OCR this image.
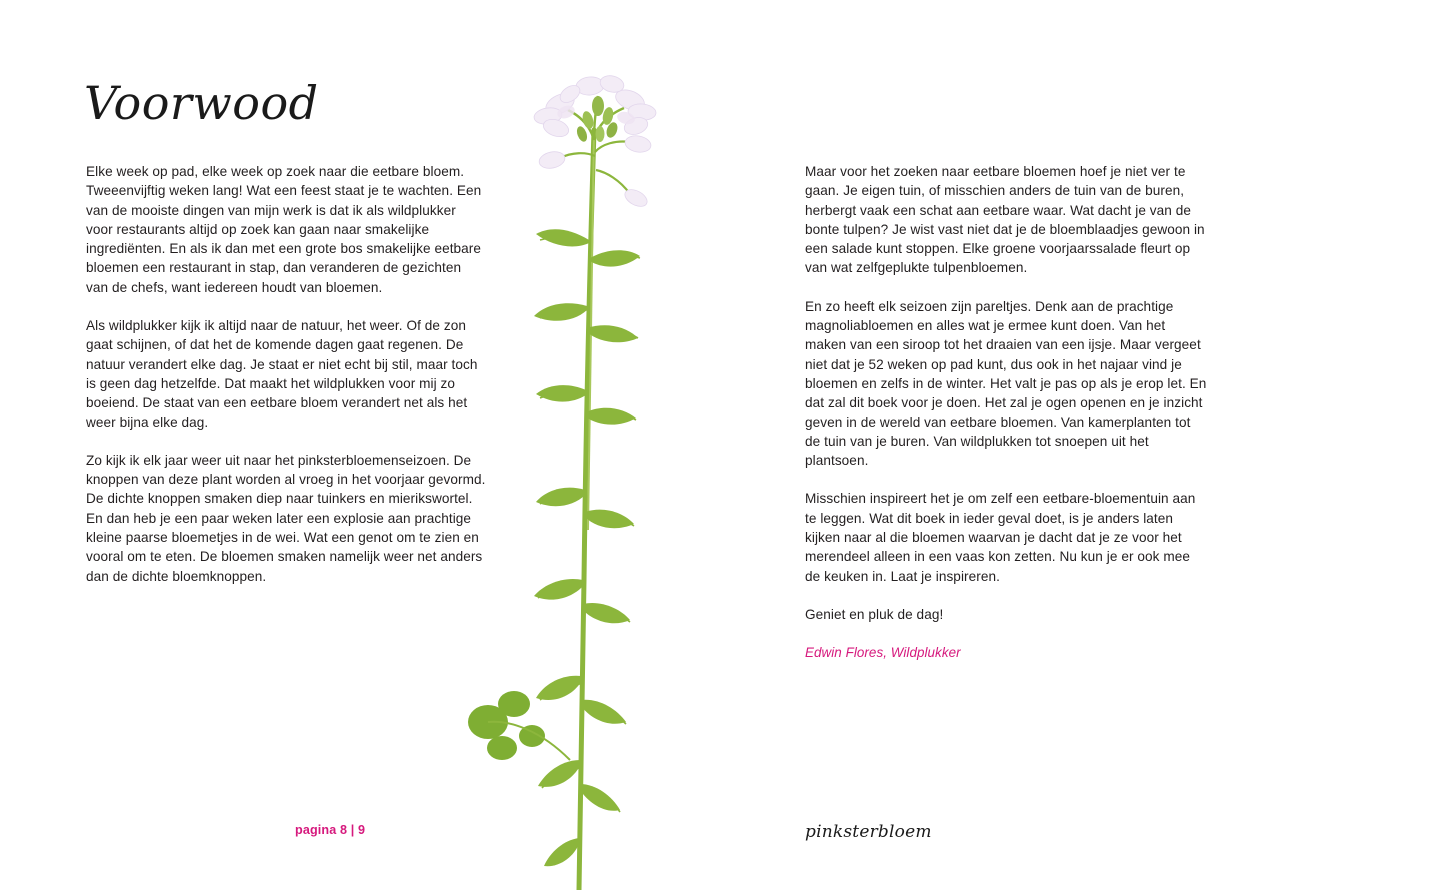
Voorwood

Elke week op pad, elke week op zoek naar die eetbare bloem. Tweeenvijftig weken lang! Wat een feest staat je te wachten. Een van de mooiste dingen van mijn werk is dat ik als wildplukker voor restaurants altijd op zoek kan gaan naar smakelijke ingrediënten. En als ik dan met een grote bos smakelijke eetbare bloemen een restaurant in stap, dan veranderen de gezichten van de chefs, want iedereen houdt van bloemen.

Als wildplukker kijk ik altijd naar de natuur, het weer. Of de zon gaat schijnen, of dat het de komende dagen gaat regenen. De natuur verandert elke dag. Je staat er niet echt bij stil, maar toch is geen dag hetzelfde. Dat maakt het wildplukken voor mij zo boeiend. De staat van een eetbare bloem verandert net als het weer bijna elke dag.

Zo kijk ik elk jaar weer uit naar het pinksterbloemenseizoen. De knoppen van deze plant worden al vroeg in het voorjaar gevormd. De dichte knoppen smaken diep naar tuinkers en mierikswortel. En dan heb je een paar weken later een explosie aan prachtige kleine paarse bloemetjes in de wei. Wat een genot om te zien en vooral om te eten. De bloemen smaken namelijk weer net anders dan de dichte bloemknoppen.

Maar voor het zoeken naar eetbare bloemen hoef je niet ver te gaan. Je eigen tuin, of misschien anders de tuin van de buren, herbergt vaak een schat aan eetbare waar. Wat dacht je van de bonte tulpen? Je wist vast niet dat je de bloemblaadjes gewoon in een salade kunt stoppen. Elke groene voorjaarssalade fleurt op van wat zelfgeplukte tulpenbloemen.

En zo heeft elk seizoen zijn pareltjes. Denk aan de prachtige magnoliabloemen en alles wat je ermee kunt doen. Van het maken van een siroop tot het draaien van een ijsje. Maar vergeet niet dat je 52 weken op pad kunt, dus ook in het najaar vind je bloemen en zelfs in de winter. Het valt je pas op als je erop let. En dat zal dit boek voor je doen. Het zal je ogen openen en je inzicht geven in de wereld van eetbare bloemen. Van kamerplanten tot de tuin van je buren. Van wildplukken tot snoepen uit het plantsoen.

Misschien inspireert het je om zelf een eetbare-bloementuin aan te leggen. Wat dit boek in ieder geval doet, is je anders laten kijken naar al die bloemen waarvan je dacht dat je ze voor het merendeel alleen in een vaas kon zetten. Nu kun je er ook mee de keuken in. Laat je inspireren.

Geniet en pluk de dag!

Edwin Flores, Wildplukker

pagina 8 | 9	pinksterbloem
